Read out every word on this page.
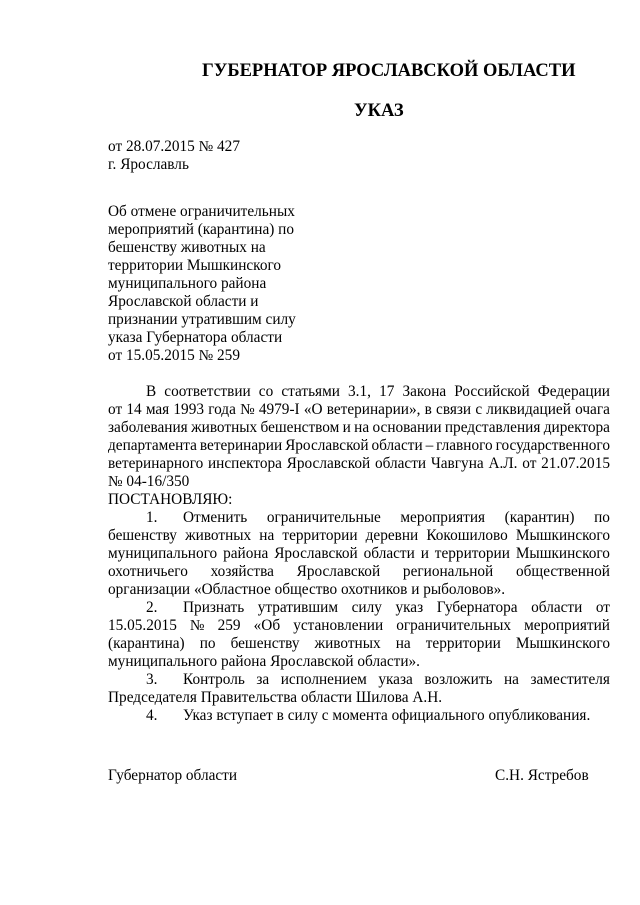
ГУБЕРНАТОР ЯРОСЛАВСКОЙ ОБЛАСТИ
УКАЗ
от 28.07.2015 № 427
г. Ярославль
Об отмене ограничительных
мероприятий (карантина) по
бешенству животных на
территории Мышкинского
муниципального района
Ярославской области и
признании утратившим силу
указа Губернатора области
от 15.05.2015 № 259
В соответствии со статьями 3.1, 17 Закона Российской Федерации
от 14 мая 1993 года № 4979-I «О ветеринарии», в связи с ликвидацией очага
заболевания животных бешенством и на основании представления директора
департамента ветеринарии Ярославской области – главного государственного
ветеринарного инспектора Ярославской области Чавгуна А.Л. от 21.07.2015
№ 04-16/350
ПОСТАНОВЛЯЮ:
1. Отменить ограничительные мероприятия (карантин) по
бешенству животных на территории деревни Кокошилово Мышкинского
муниципального района Ярославской области и территории Мышкинского
охотничьего хозяйства Ярославской региональной общественной
организации «Областное общество охотников и рыболовов».
2. Признать утратившим силу указ Губернатора области от
15.05.2015 № 259 «Об установлении ограничительных мероприятий
(карантина) по бешенству животных на территории Мышкинского
муниципального района Ярославской области».
3. Контроль за исполнением указа возложить на заместителя
Председателя Правительства области Шилова А.Н.
4. Указ вступает в силу с момента официального опубликования.
Губернатор области	С.Н. Ястребов
